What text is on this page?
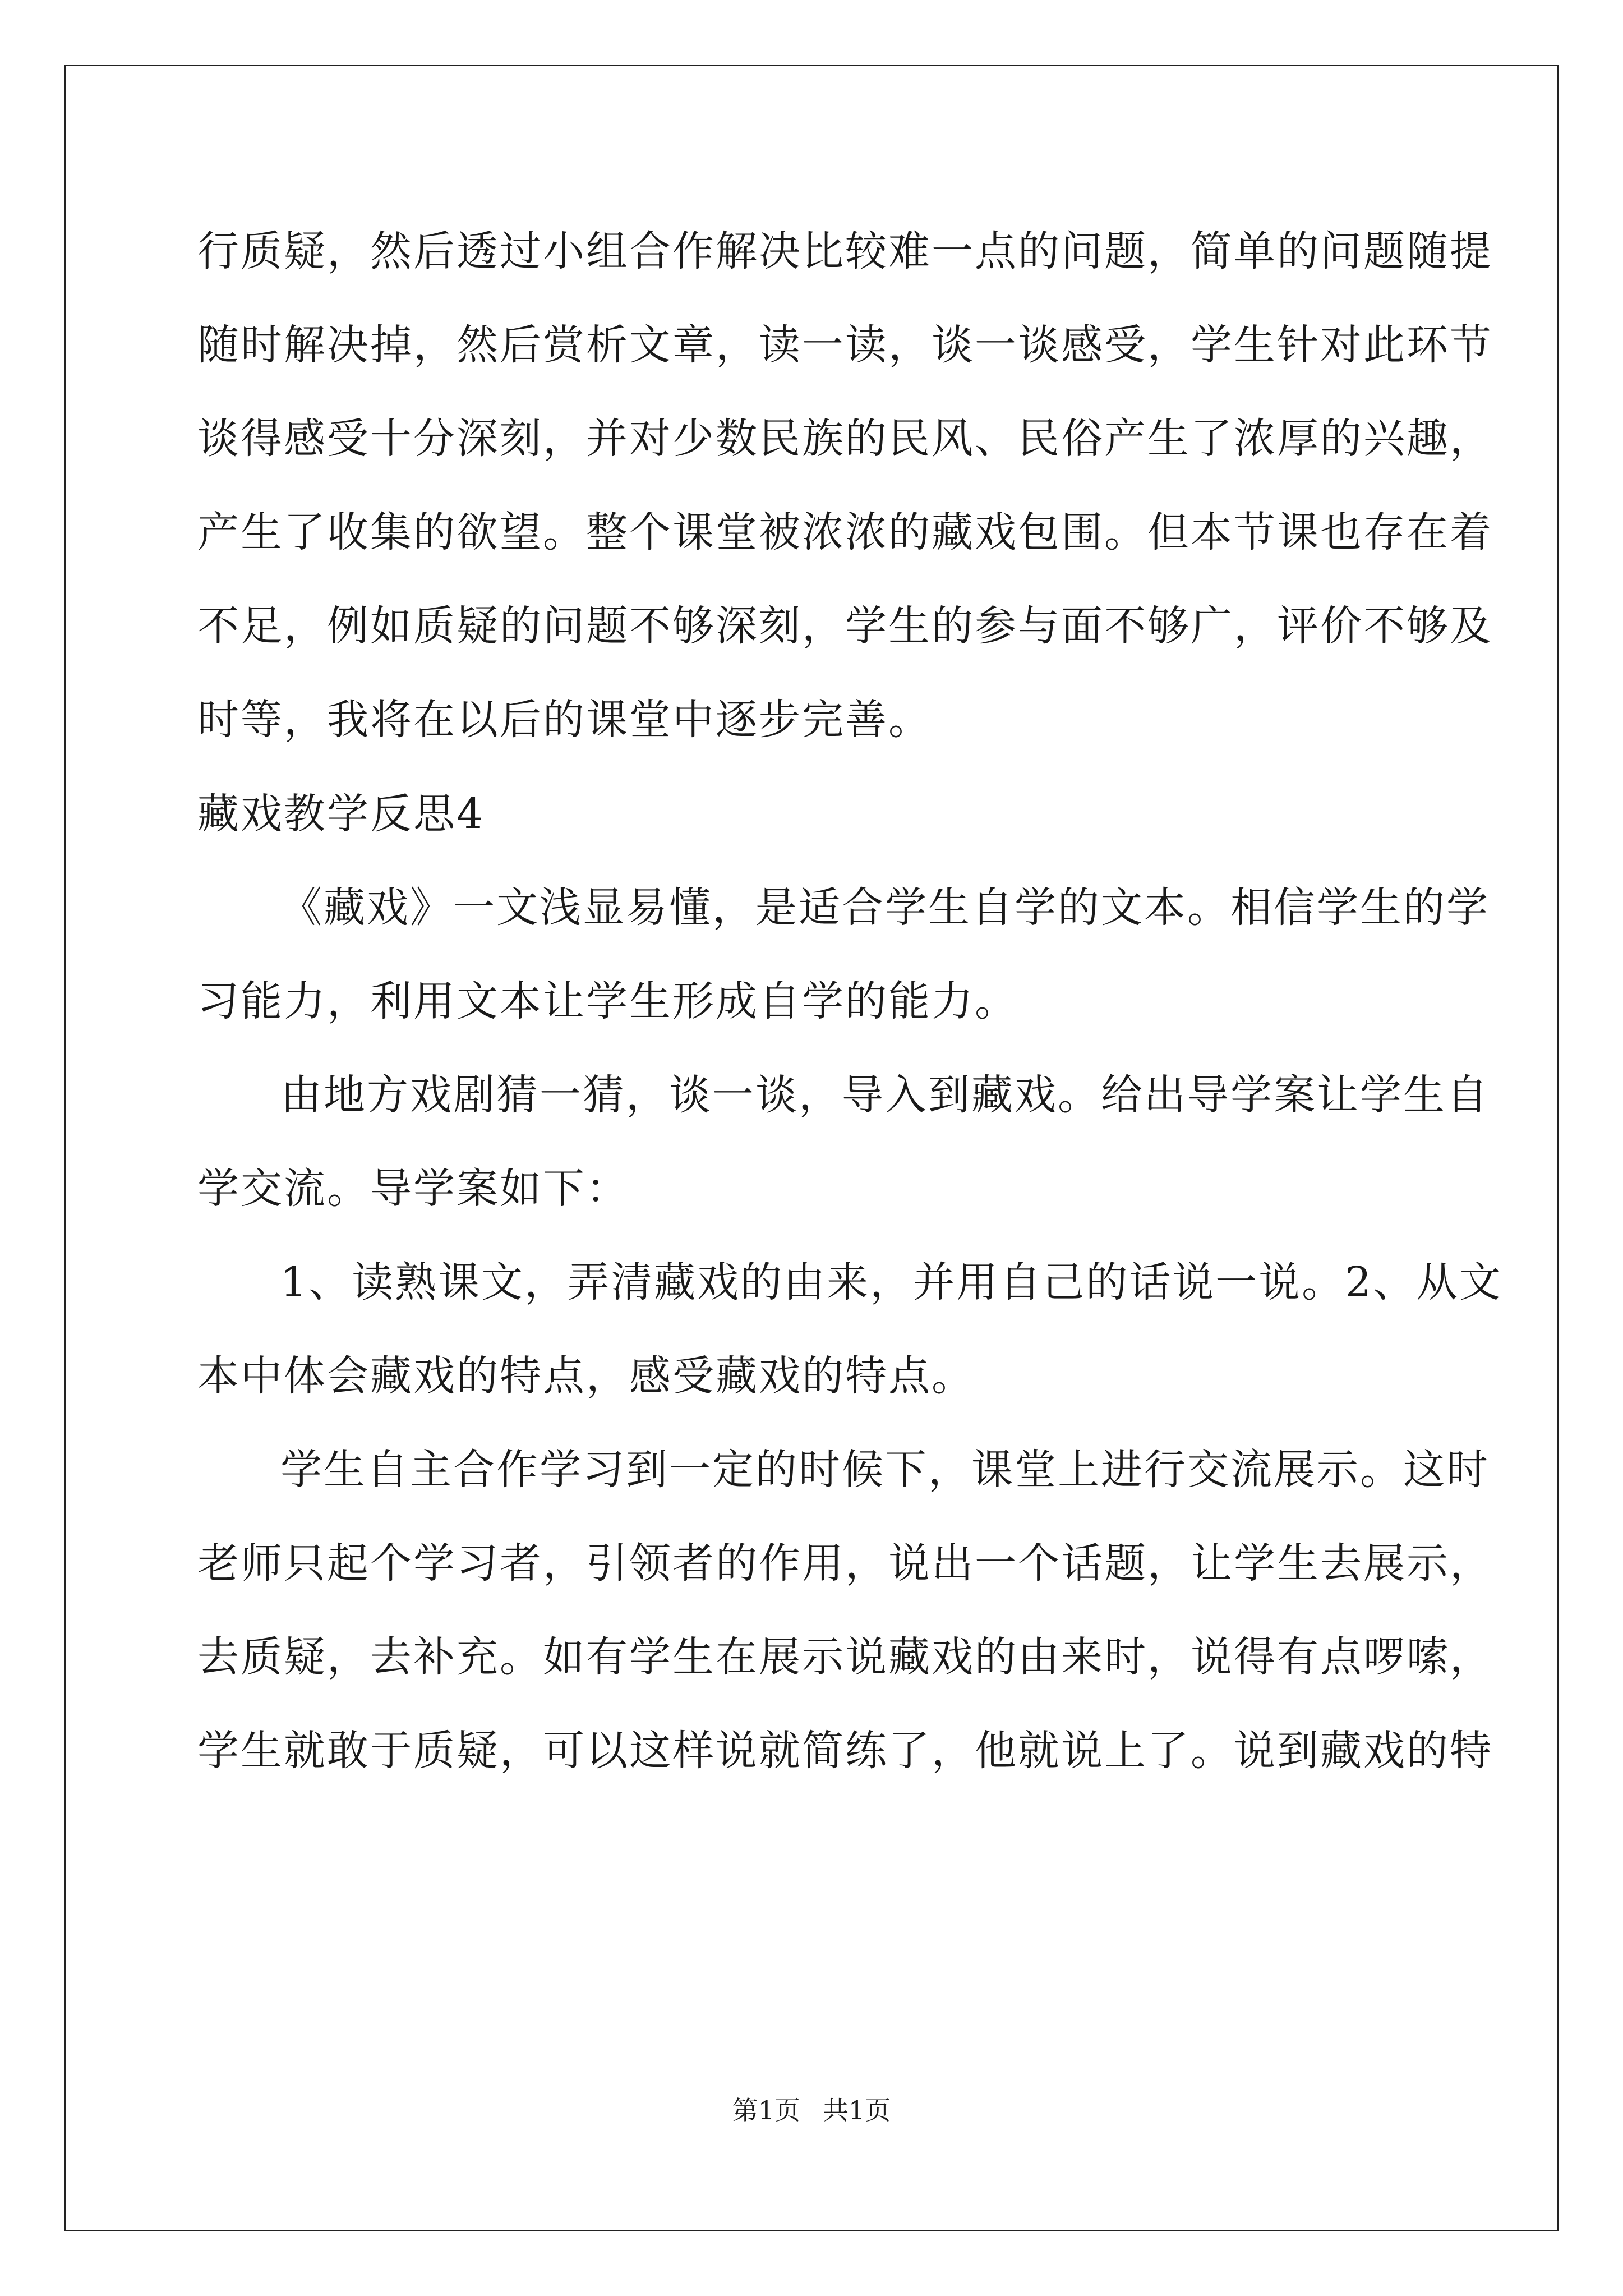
行质疑，然后透过小组合作解决比较难一点的问题，简单的问题随提
随时解决掉，然后赏析文章，读一读，谈一谈感受，学生针对此环节
谈得感受十分深刻，并对少数民族的民风、民俗产生了浓厚的兴趣，
产生了收集的欲望。整个课堂被浓浓的藏戏包围。但本节课也存在着
不足，例如质疑的问题不够深刻，学生的参与面不够广，评价不够及
时等，我将在以后的课堂中逐步完善。
藏戏教学反思4
《藏戏》一文浅显易懂，是适合学生自学的文本。相信学生的学
习能力，利用文本让学生形成自学的能力。
由地方戏剧猜一猜，谈一谈，导入到藏戏。给出导学案让学生自
学交流。导学案如下：
1、读熟课文，弄清藏戏的由来，并用自己的话说一说。2、从文
本中体会藏戏的特点，感受藏戏的特点。
学生自主合作学习到一定的时候下，课堂上进行交流展示。这时
老师只起个学习者，引领者的作用，说出一个话题，让学生去展示，
去质疑，去补充。如有学生在展示说藏戏的由来时，说得有点啰嗦，
学生就敢于质疑，可以这样说就简练了，他就说上了。说到藏戏的特
第1页 共1页
